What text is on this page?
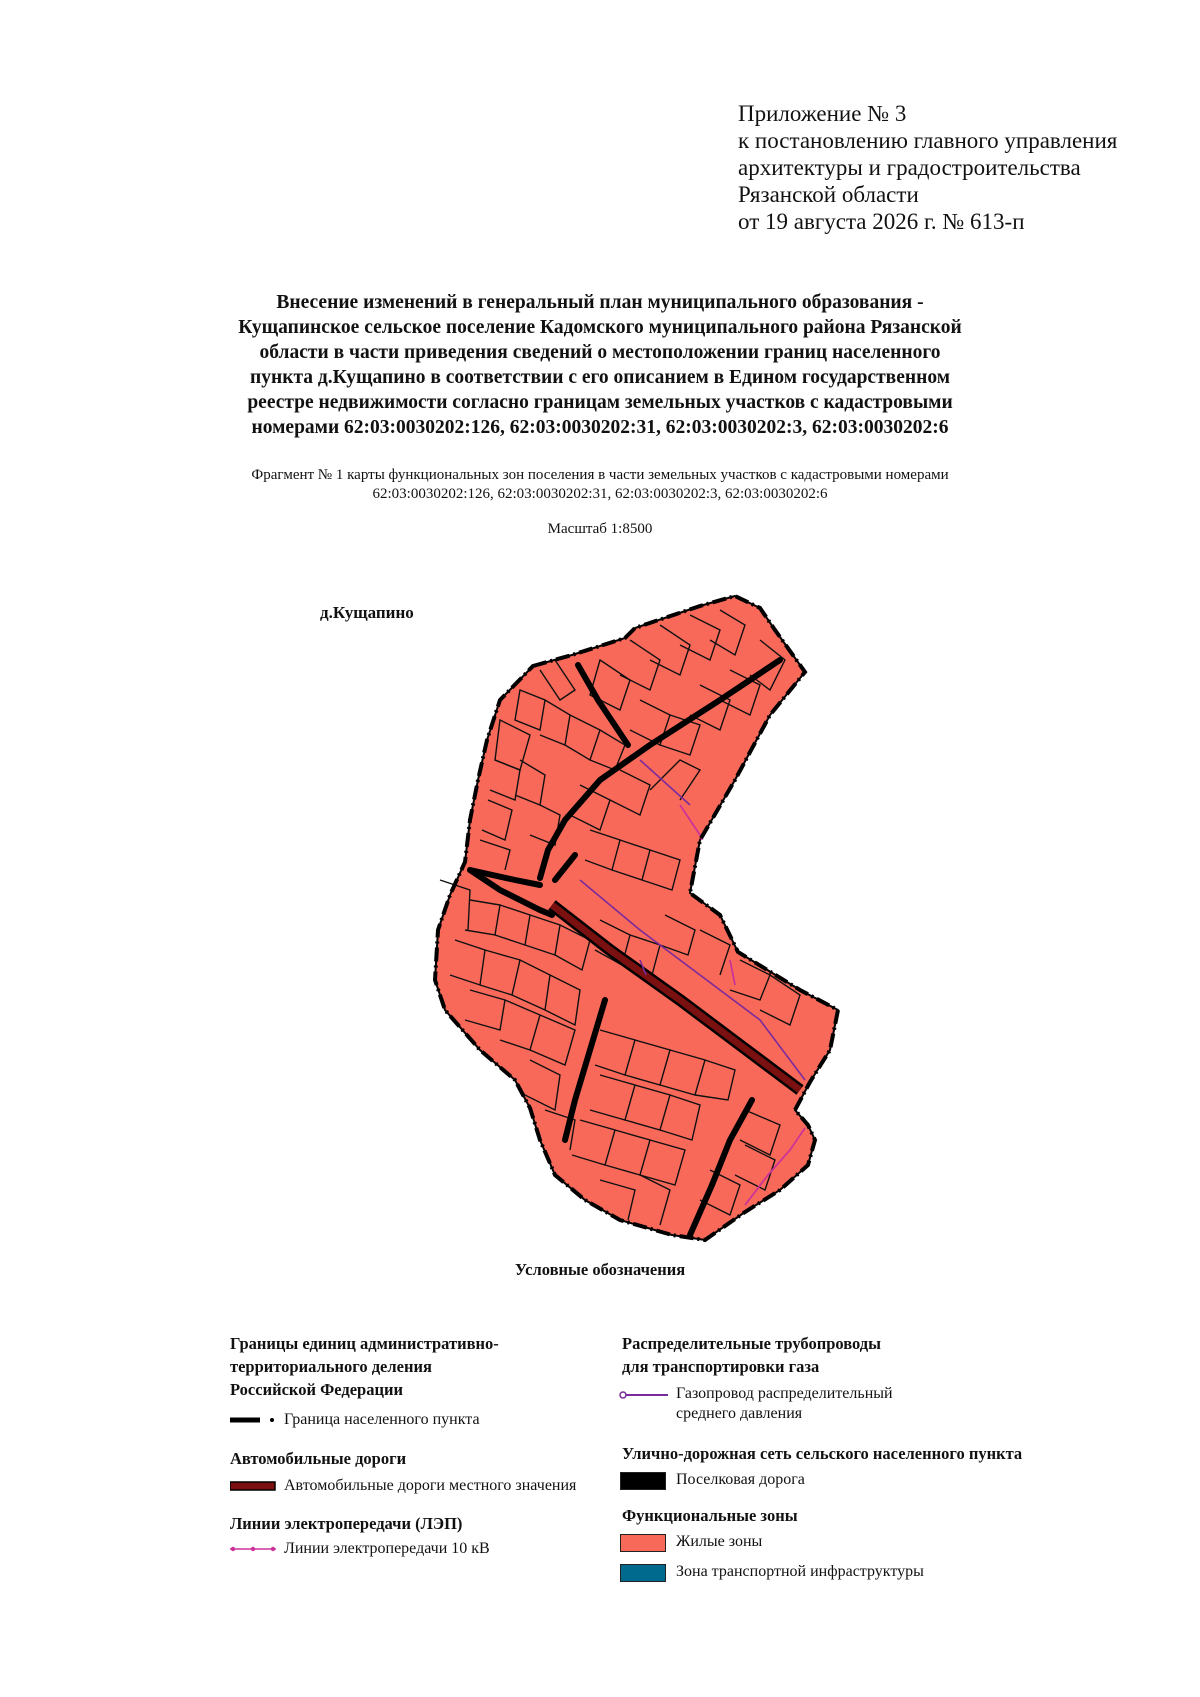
Приложение № 3
к постановлению главного управления
архитектуры и градостроительства
Рязанской области
от 19 августа 2026 г. № 613-п
Внесение изменений в генеральный план муниципального образования -
Кущапинское сельское поселение Кадомского муниципального района Рязанской
области в части приведения сведений о местоположении границ населенного
пункта д.Кущапино в соответствии с его описанием в Едином государственном
реестре недвижимости согласно границам земельных участков с кадастровыми
номерами 62:03:0030202:126, 62:03:0030202:31, 62:03:0030202:3, 62:03:0030202:6
Фрагмент № 1 карты функциональных зон поселения в части земельных участков с кадастровыми номерами
62:03:0030202:126, 62:03:0030202:31, 62:03:0030202:3, 62:03:0030202:6
Масштаб 1:8500
д.Кущапино
Условные обозначения
Границы единиц административно-
территориального деления
Российской Федерации
Граница населенного пункта
Автомобильные дороги
Автомобильные дороги местного значения
Линии электропередачи (ЛЭП)
Линии электропередачи 10 кВ
Распределительные трубопроводы
для транспортировки газа
Газопровод распределительный
среднего давления
Улично-дорожная сеть сельского населенного пункта
Поселковая дорога
Функциональные зоны
Жилые зоны
Зона транспортной инфраструктуры
